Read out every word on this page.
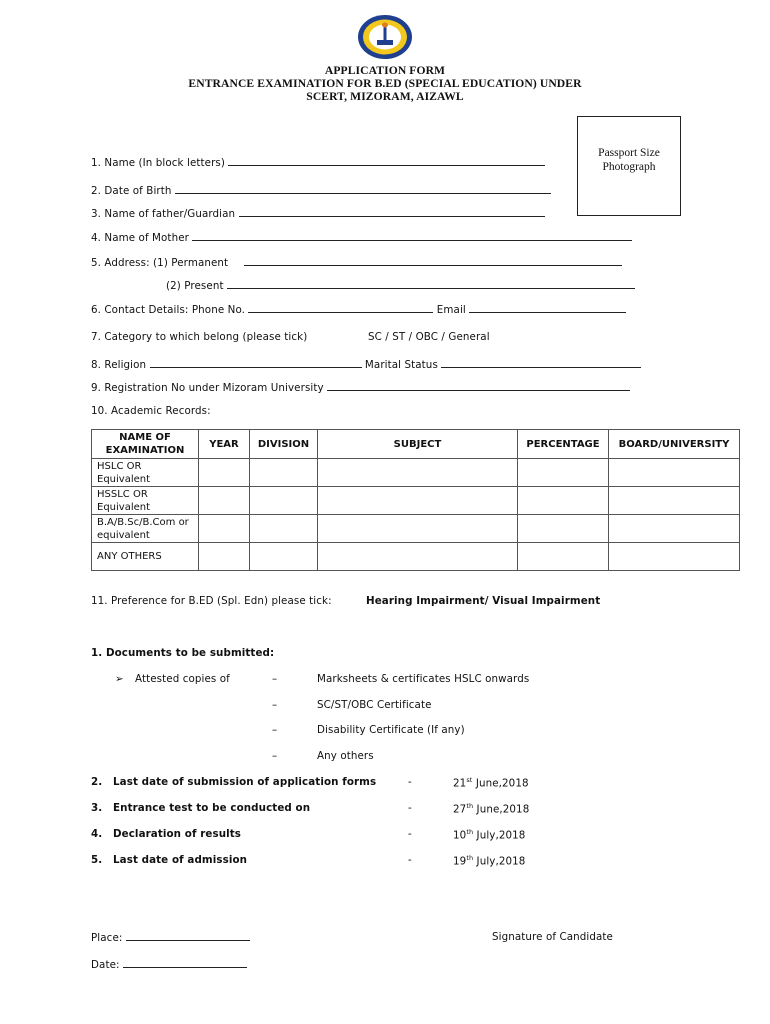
APPLICATION FORM
ENTRANCE EXAMINATION FOR B.ED (SPECIAL EDUCATION) UNDER
SCERT, MIZORAM, AIZAWL
Passport Size
Photograph
1. Name (In block letters)
2. Date of Birth
3. Name of father/Guardian
4. Name of Mother
5. Address: (1) Permanent
(2) Present
6. Contact Details: Phone No.	Email
7. Category to which belong (please tick)	SC / ST / OBC / General
8. Religion	Marital Status
9. Registration No under Mizoram University
10. Academic Records:
NAME OF EXAMINATION	YEAR	DIVISION	SUBJECT	PERCENTAGE	BOARD/UNIVERSITY
HSLC OR Equivalent					
HSSLC OR Equivalent					
B.A/B.Sc/B.Com or equivalent					
ANY OTHERS					
11. Preference for B.ED (Spl. Edn) please tick:	Hearing Impairment/ Visual Impairment
1. Documents to be submitted:
➢ Attested copies of	–	Marksheets & certificates HSLC onwards
–	SC/ST/OBC Certificate
–	Disability Certificate (If any)
–	Any others
2. Last date of submission of application forms	-	21st June,2018
3. Entrance test to be conducted on	-	27th June,2018
4. Declaration of results	-	10th July,2018
5. Last date of admission	-	19th July,2018
Place:	Signature of Candidate
Date:
